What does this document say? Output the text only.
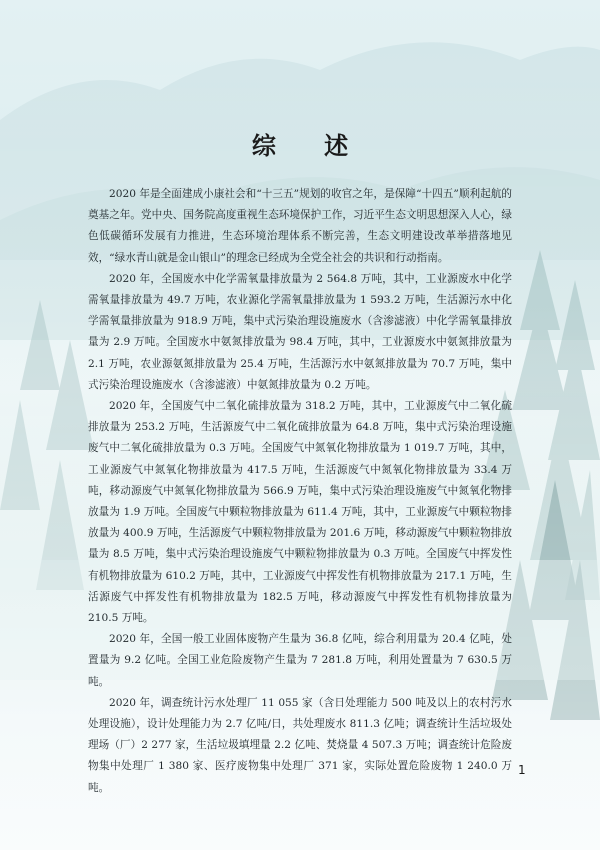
综 述

2020 年是全面建成小康社会和“十三五”规划的收官之年，是保障“十四五”顺利起航的奠基之年。党中央、国务院高度重视生态环境保护工作，习近平生态文明思想深入人心，绿色低碳循环发展有力推进，生态环境治理体系不断完善，生态文明建设改革举措落地见效，“绿水青山就是金山银山”的理念已经成为全党全社会的共识和行动指南。

2020 年，全国废水中化学需氧量排放量为 2 564.8 万吨，其中，工业源废水中化学需氧量排放量为 49.7 万吨，农业源化学需氧量排放量为 1 593.2 万吨，生活源污水中化学需氧量排放量为 918.9 万吨，集中式污染治理设施废水（含渗滤液）中化学需氧量排放量为 2.9 万吨。全国废水中氨氮排放量为 98.4 万吨，其中，工业源废水中氨氮排放量为 2.1 万吨，农业源氨氮排放量为 25.4 万吨，生活源污水中氨氮排放量为 70.7 万吨，集中式污染治理设施废水（含渗滤液）中氨氮排放量为 0.2 万吨。

2020 年，全国废气中二氧化硫排放量为 318.2 万吨，其中，工业源废气中二氧化硫排放量为 253.2 万吨，生活源废气中二氧化硫排放量为 64.8 万吨，集中式污染治理设施废气中二氧化硫排放量为 0.3 万吨。全国废气中氮氧化物排放量为 1 019.7 万吨，其中，工业源废气中氮氧化物排放量为 417.5 万吨，生活源废气中氮氧化物排放量为 33.4 万吨，移动源废气中氮氧化物排放量为 566.9 万吨，集中式污染治理设施废气中氮氧化物排放量为 1.9 万吨。全国废气中颗粒物排放量为 611.4 万吨，其中，工业源废气中颗粒物排放量为 400.9 万吨，生活源废气中颗粒物排放量为 201.6 万吨，移动源废气中颗粒物排放量为 8.5 万吨，集中式污染治理设施废气中颗粒物排放量为 0.3 万吨。全国废气中挥发性有机物排放量为 610.2 万吨，其中，工业源废气中挥发性有机物排放量为 217.1 万吨，生活源废气中挥发性有机物排放量为 182.5 万吨，移动源废气中挥发性有机物排放量为 210.5 万吨。

2020 年，全国一般工业固体废物产生量为 36.8 亿吨，综合利用量为 20.4 亿吨，处置量为 9.2 亿吨。全国工业危险废物产生量为 7 281.8 万吨，利用处置量为 7 630.5 万吨。

2020 年，调查统计污水处理厂 11 055 家（含日处理能力 500 吨及以上的农村污水处理设施），设计处理能力为 2.7 亿吨/日，共处理废水 811.3 亿吨；调查统计生活垃圾处理场（厂）2 277 家，生活垃圾填埋量 2.2 亿吨、焚烧量 4 507.3 万吨；调查统计危险废物集中处理厂 1 380 家、医疗废物集中处理厂 371 家，实际处置危险废物 1 240.0 万吨。

1
